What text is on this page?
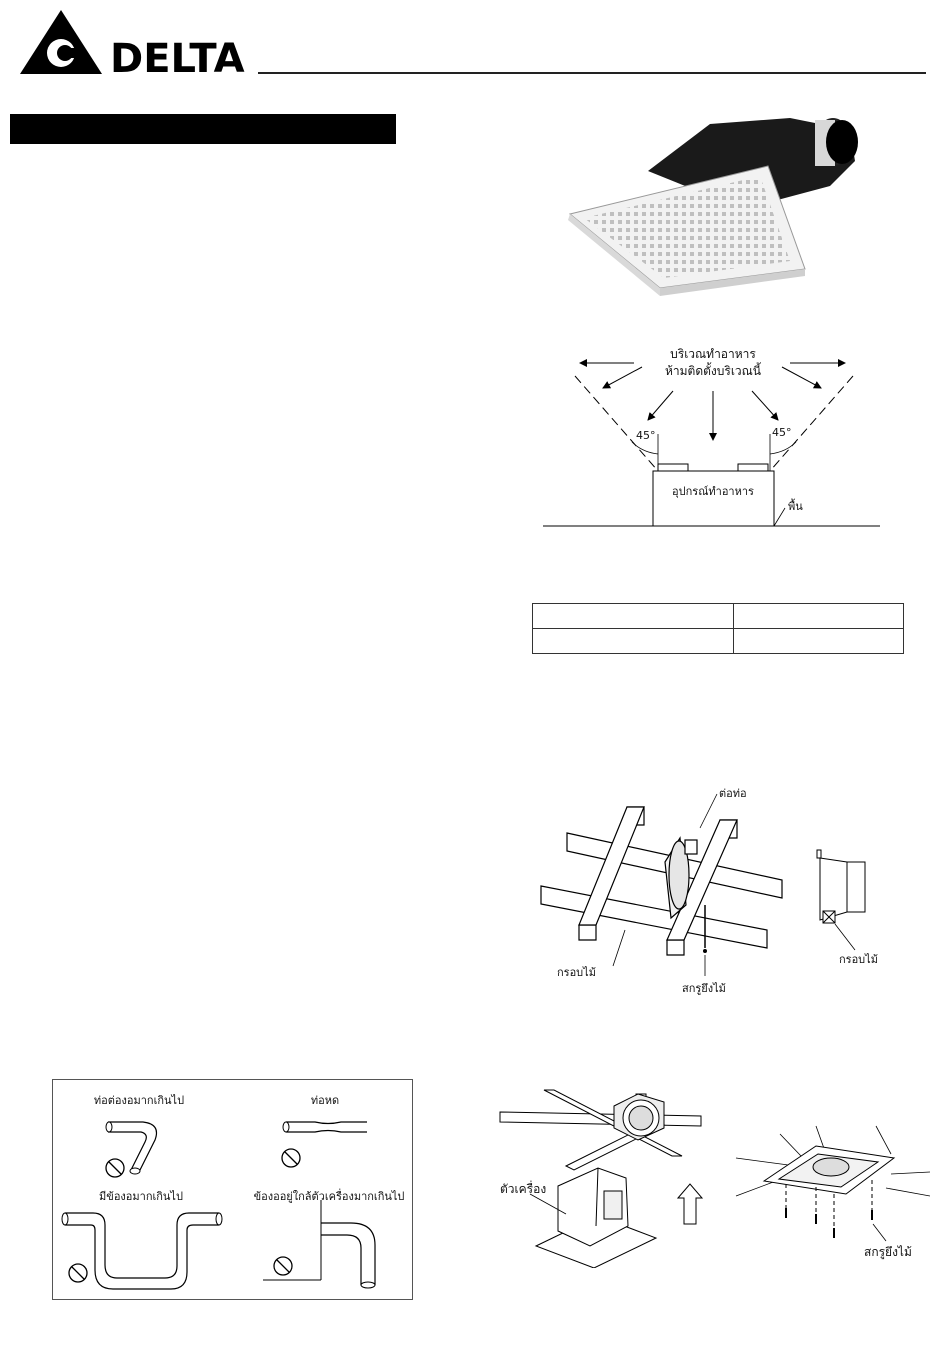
DELTA
บริเวณทำอาหาร
ห้ามติดตั้งบริเวณนี้
45°	45°
อุปกรณ์ทำอาหาร
พื้น

ต่อท่อ
กรอบไม้
สกรูยึงไม้
กรอบไม้
ท่อต่องอมากเกินไป	ท่อหด
มีข้องอมากเกินไป	ข้องออยู่ใกล้ตัวเครื่องมากเกินไป
ตัวเครื่อง
สกรูยึงไม้
